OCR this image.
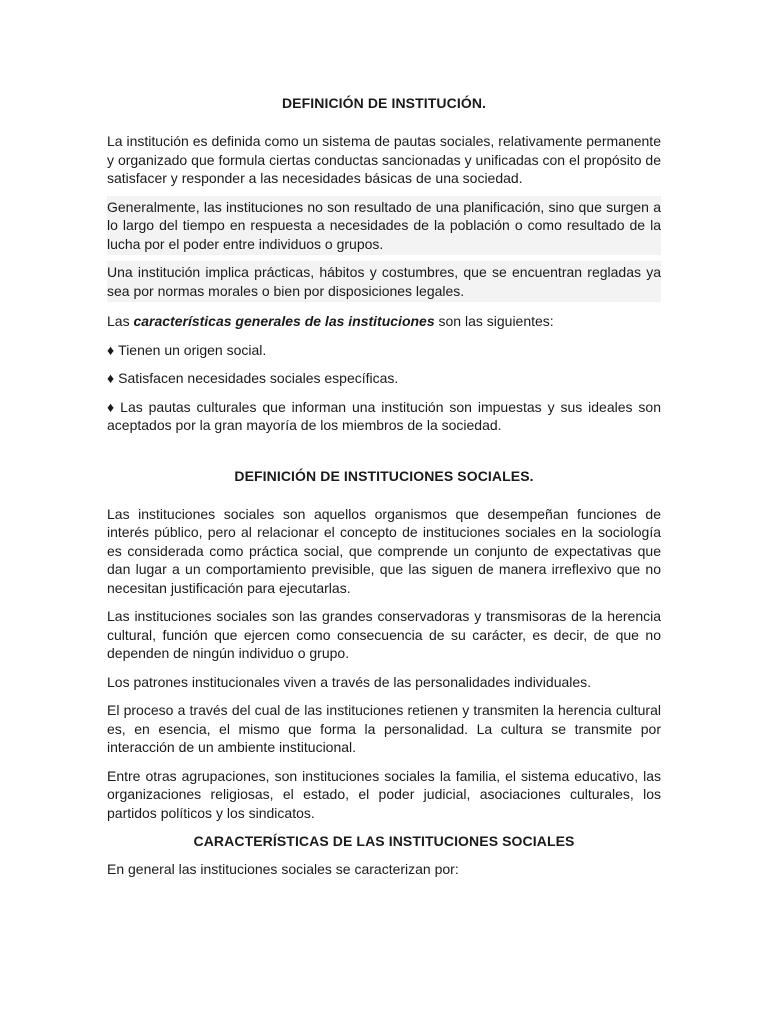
DEFINICIÓN DE INSTITUCIÓN.

La institución es definida como un sistema de pautas sociales, relativamente permanente y organizado que formula ciertas conductas sancionadas y unificadas con el propósito de satisfacer y responder a las necesidades básicas de una sociedad.

Generalmente, las instituciones no son resultado de una planificación, sino que surgen a lo largo del tiempo en respuesta a necesidades de la población o como resultado de la lucha por el poder entre individuos o grupos.

Una institución implica prácticas, hábitos y costumbres, que se encuentran regladas ya sea por normas morales o bien por disposiciones legales.

Las características generales de las instituciones son las siguientes:

♦ Tienen un origen social.

♦ Satisfacen necesidades sociales específicas.

♦ Las pautas culturales que informan una institución son impuestas y sus ideales son aceptados por la gran mayoría de los miembros de la sociedad.

DEFINICIÓN DE INSTITUCIONES SOCIALES.

Las instituciones sociales son aquellos organismos que desempeñan funciones de interés público, pero al relacionar el concepto de instituciones sociales en la sociología es considerada como práctica social, que comprende un conjunto de expectativas que dan lugar a un comportamiento previsible, que las siguen de manera irreflexivo que no necesitan justificación para ejecutarlas.

Las instituciones sociales son las grandes conservadoras y transmisoras de la herencia cultural, función que ejercen como consecuencia de su carácter, es decir, de que no dependen de ningún individuo o grupo.

Los patrones institucionales viven a través de las personalidades individuales.

El proceso a través del cual de las instituciones retienen y transmiten la herencia cultural es, en esencia, el mismo que forma la personalidad. La cultura se transmite por interacción de un ambiente institucional.

Entre otras agrupaciones, son instituciones sociales la familia, el sistema educativo, las organizaciones religiosas, el estado, el poder judicial, asociaciones culturales, los partidos políticos y los sindicatos.

CARACTERÍSTICAS DE LAS INSTITUCIONES SOCIALES

En general las instituciones sociales se caracterizan por:
